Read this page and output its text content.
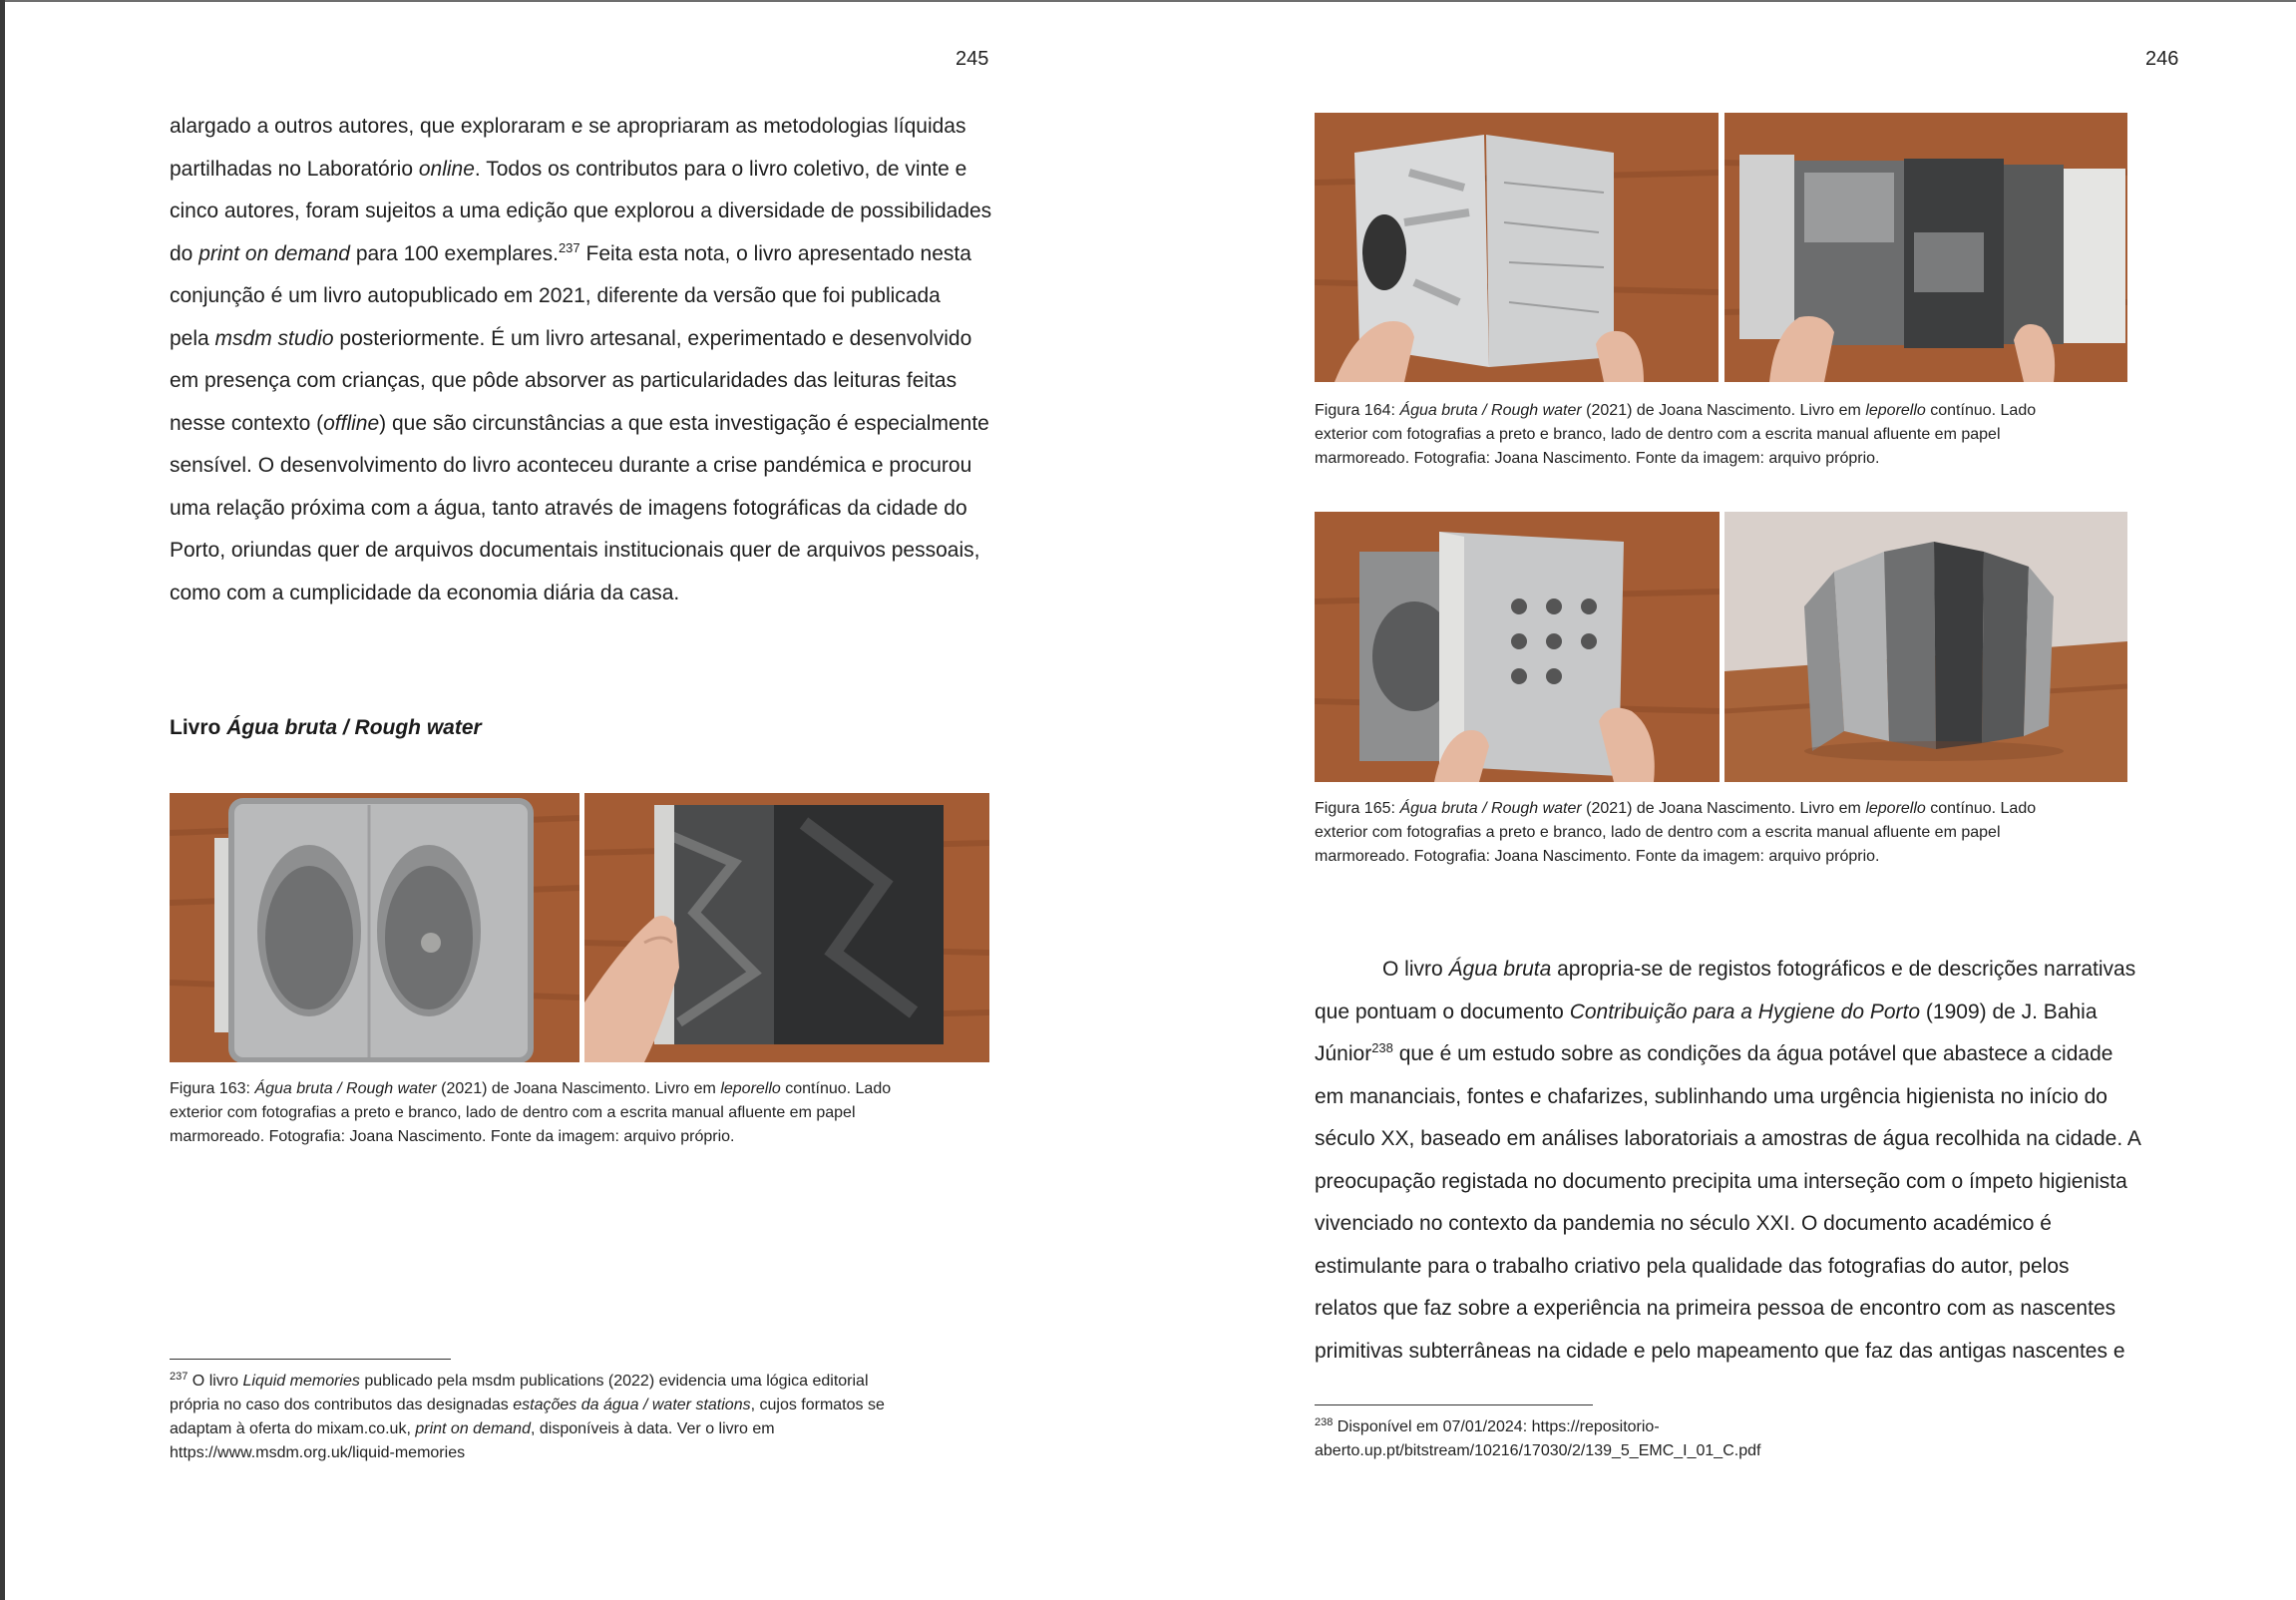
245
alargado a outros autores, que exploraram e se apropriaram as metodologias líquidas
partilhadas no Laboratório online. Todos os contributos para o livro coletivo, de vinte e
cinco autores, foram sujeitos a uma edição que explorou a diversidade de possibilidades
do print on demand para 100 exemplares.$^{237}$ Feita esta nota, o livro apresentado nesta
conjunção é um livro autopublicado em 2021, diferente da versão que foi publicada
pela msdm studio posteriormente. É um livro artesanal, experimentado e desenvolvido
em presença com crianças, que pôde absorver as particularidades das leituras feitas
nesse contexto (offline) que são circunstâncias a que esta investigação é especialmente
sensível. O desenvolvimento do livro aconteceu durante a crise pandémica e procurou
uma relação próxima com a água, tanto através de imagens fotográficas da cidade do
Porto, oriundas quer de arquivos documentais institucionais quer de arquivos pessoais,
como com a cumplicidade da economia diária da casa.
Livro Água bruta / Rough water
Figura 163: Água bruta / Rough water (2021) de Joana Nascimento. Livro em leporello contínuo. Lado
exterior com fotografias a preto e branco, lado de dentro com a escrita manual afluente em papel
marmoreado. Fotografia: Joana Nascimento. Fonte da imagem: arquivo próprio.
$^{237}$ O livro Liquid memories publicado pela msdm publications (2022) evidencia uma lógica editorial
própria no caso dos contributos das designadas estações da água / water stations, cujos formatos se
adaptam à oferta do mixam.co.uk, print on demand, disponíveis à data. Ver o livro em
https://www.msdm.org.uk/liquid-memories
246
Figura 164: Água bruta / Rough water (2021) de Joana Nascimento. Livro em leporello contínuo. Lado
exterior com fotografias a preto e branco, lado de dentro com a escrita manual afluente em papel
marmoreado. Fotografia: Joana Nascimento. Fonte da imagem: arquivo próprio.
Figura 165: Água bruta / Rough water (2021) de Joana Nascimento. Livro em leporello contínuo. Lado
exterior com fotografias a preto e branco, lado de dentro com a escrita manual afluente em papel
marmoreado. Fotografia: Joana Nascimento. Fonte da imagem: arquivo próprio.
O livro Água bruta apropria-se de registos fotográficos e de descrições narrativas
que pontuam o documento Contribuição para a Hygiene do Porto (1909) de J. Bahia
Júnior$^{238}$ que é um estudo sobre as condições da água potável que abastece a cidade
em mananciais, fontes e chafarizes, sublinhando uma urgência higienista no início do
século XX, baseado em análises laboratoriais a amostras de água recolhida na cidade. A
preocupação registada no documento precipita uma interseção com o ímpeto higienista
vivenciado no contexto da pandemia no século XXI. O documento académico é
estimulante para o trabalho criativo pela qualidade das fotografias do autor, pelos
relatos que faz sobre a experiência na primeira pessoa de encontro com as nascentes
primitivas subterrâneas na cidade e pelo mapeamento que faz das antigas nascentes e
$^{238}$ Disponível em 07/01/2024: https://repositorio-
aberto.up.pt/bitstream/10216/17030/2/139_5_EMC_I_01_C.pdf
